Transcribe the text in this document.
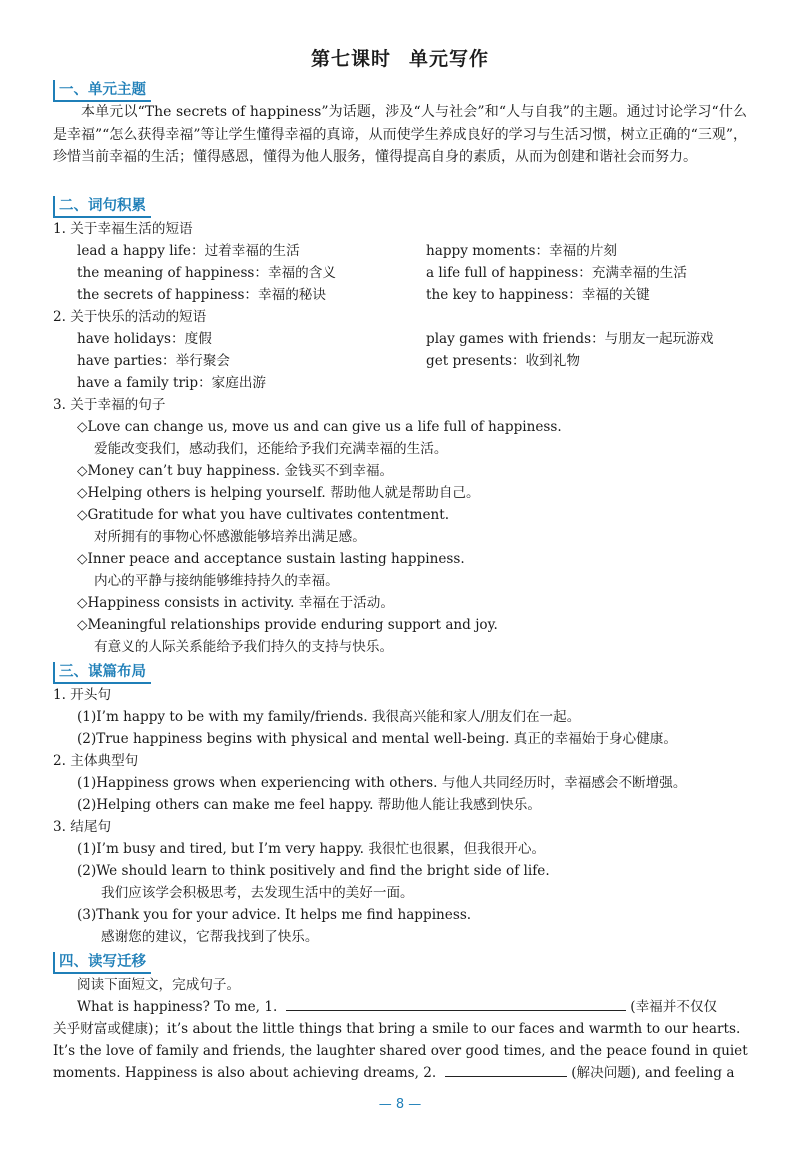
第七课时 单元写作
一、单元主题
本单元以“The secrets of happiness”为话题，涉及“人与社会”和“人与自我”的主题。通过讨论学习“什么是幸福”“怎么获得幸福”等让学生懂得幸福的真谛，从而使学生养成良好的学习与生活习惯，树立正确的“三观”，珍惜当前幸福的生活；懂得感恩，懂得为他人服务，懂得提高自身的素质，从而为创建和谐社会而努力。
二、词句积累
1. 关于幸福生活的短语
lead a happy life：过着幸福的生活	happy moments：幸福的片刻
the meaning of happiness：幸福的含义	a life full of happiness：充满幸福的生活
the secrets of happiness：幸福的秘诀	the key to happiness：幸福的关键
2. 关于快乐的活动的短语
have holidays：度假	play games with friends：与朋友一起玩游戏
have parties：举行聚会	get presents：收到礼物
have a family trip：家庭出游
3. 关于幸福的句子
◇Love can change us, move us and can give us a life full of happiness.
爱能改变我们，感动我们，还能给予我们充满幸福的生活。
◇Money can’t buy happiness. 金钱买不到幸福。
◇Helping others is helping yourself. 帮助他人就是帮助自己。
◇Gratitude for what you have cultivates contentment.
对所拥有的事物心怀感激能够培养出满足感。
◇Inner peace and acceptance sustain lasting happiness.
内心的平静与接纳能够维持持久的幸福。
◇Happiness consists in activity. 幸福在于活动。
◇Meaningful relationships provide enduring support and joy.
有意义的人际关系能给予我们持久的支持与快乐。
三、谋篇布局
1. 开头句
(1)I’m happy to be with my family/friends. 我很高兴能和家人/朋友们在一起。
(2)True happiness begins with physical and mental well-being. 真正的幸福始于身心健康。
2. 主体典型句
(1)Happiness grows when experiencing with others. 与他人共同经历时，幸福感会不断增强。
(2)Helping others can make me feel happy. 帮助他人能让我感到快乐。
3. 结尾句
(1)I’m busy and tired, but I’m very happy. 我很忙也很累，但我很开心。
(2)We should learn to think positively and find the bright side of life.
我们应该学会积极思考，去发现生活中的美好一面。
(3)Thank you for your advice. It helps me find happiness.
感谢您的建议，它帮我找到了快乐。
四、读写迁移
阅读下面短文，完成句子。
What is happiness? To me, 1.	(幸福并不仅仅
关乎财富或健康)；it’s about the little things that bring a smile to our faces and warmth to our hearts.
It’s the love of family and friends, the laughter shared over good times, and the peace found in quiet
moments. Happiness is also about achieving dreams, 2.	(解决问题), and feeling a
— 8 —
